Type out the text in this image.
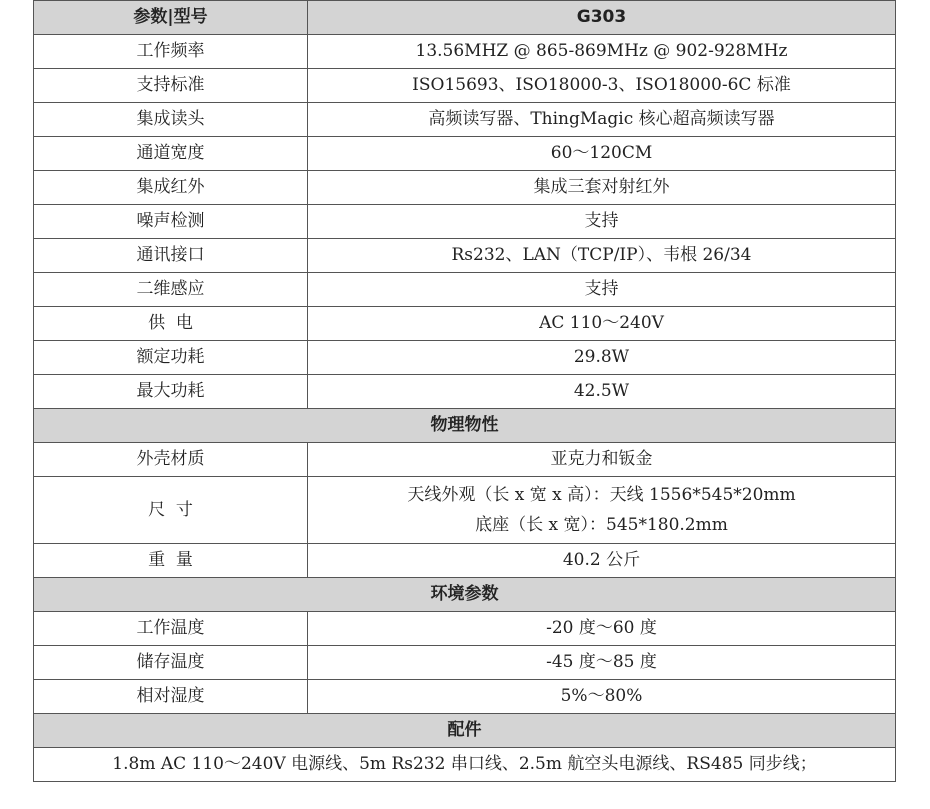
参数|型号	G303
工作频率	13.56MHZ @ 865-869MHz @ 902-928MHz
支持标准	ISO15693、ISO18000-3、ISO18000-6C 标准
集成读头	高频读写器、ThingMagic 核心超高频读写器
通道宽度	60～120CM
集成红外	集成三套对射红外
噪声检测	支持
通讯接口	Rs232、LAN（TCP/IP）、韦根 26/34
二维感应	支持
供  电	AC 110～240V
额定功耗	29.8W
最大功耗	42.5W
物理物性	
外壳材质	亚克力和钣金
尺  寸	天线外观（长 x 宽 x 高）：天线 1556*545*20mm
底座（长 x 宽）：545*180.2mm

重  量	40.2 公斤
环境参数	
工作温度	-20 度～60 度
储存温度	-45 度～85 度
相对湿度	5%～80%
配件	
1.8m AC 110～240V 电源线、5m Rs232 串口线、2.5m 航空头电源线、RS485 同步线；	
